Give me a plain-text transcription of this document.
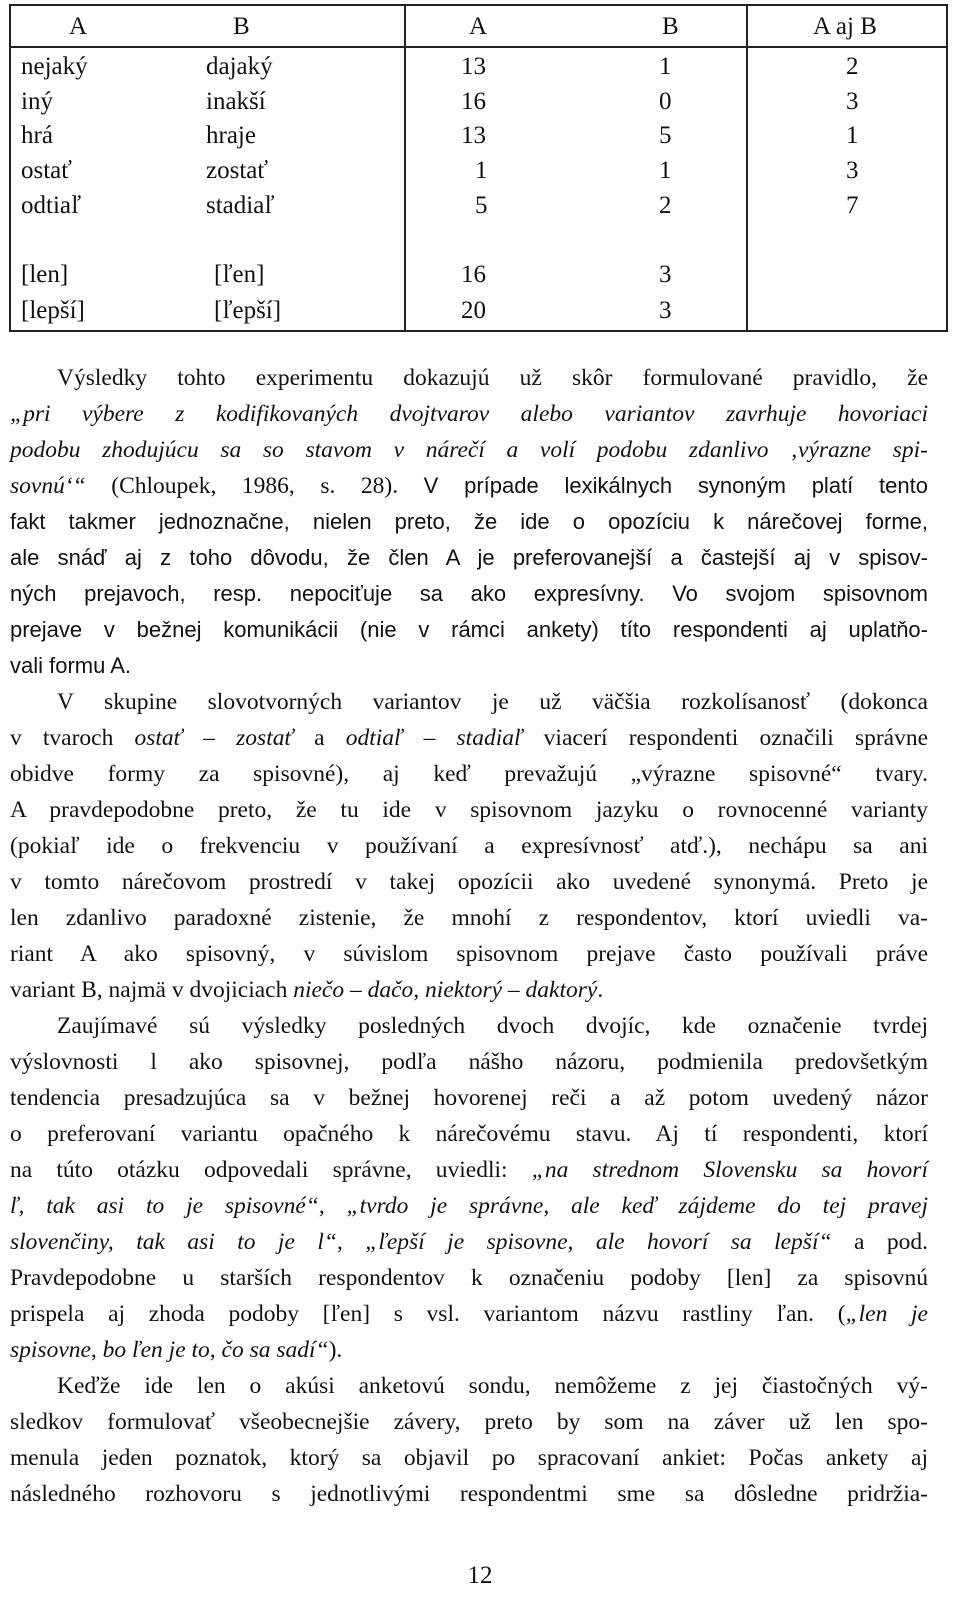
A	B	A	B	A aj B
nejaký	dajaký	13	1	2
iný	inakší	16	0	3
hrá	hraje	13	5	1
ostať	zostať	1	1	3
odtiaľ	stadiaľ	5	2	7
[len]	[ľen]	16	3
[lepší]	[ľepší]	20	3
Výsledky tohto experimentu dokazujú už skôr formulované pravidlo, že
„pri výbere z kodifikovaných dvojtvarov alebo variantov zavrhuje hovoriaci
podobu zhodujúcu sa so stavom v nárečí a volí podobu zdanlivo ‚výrazne spi-
sovnú‘“ (Chloupek, 1986, s. 28). V prípade lexikálnych synoným platí tento
fakt takmer jednoznačne, nielen preto, že ide o opozíciu k nárečovej forme,
ale snáď aj z toho dôvodu, že člen A je preferovanejší a častejší aj v spisov-
ných prejavoch, resp. nepociťuje sa ako expresívny. Vo svojom spisovnom
prejave v bežnej komunikácii (nie v rámci ankety) títo respondenti aj uplatňo-
vali formu A.
V skupine slovotvorných variantov je už väčšia rozkolísanosť (dokonca
v tvaroch ostať – zostať a odtiaľ – stadiaľ viacerí respondenti označili správne
obidve formy za spisovné), aj keď prevažujú „výrazne spisovné“ tvary.
A pravdepodobne preto, že tu ide v spisovnom jazyku o rovnocenné varianty
(pokiaľ ide o frekvenciu v používaní a expresívnosť atď.), nechápu sa ani
v tomto nárečovom prostredí v takej opozícii ako uvedené synonymá. Preto je
len zdanlivo paradoxné zistenie, že mnohí z respondentov, ktorí uviedli va-
riant A ako spisovný, v súvislom spisovnom prejave často používali práve
variant B, najmä v dvojiciach niečo – dačo, niektorý – daktorý.
Zaujímavé sú výsledky posledných dvoch dvojíc, kde označenie tvrdej
výslovnosti l ako spisovnej, podľa nášho názoru, podmienila predovšetkým
tendencia presadzujúca sa v bežnej hovorenej reči a až potom uvedený názor
o preferovaní variantu opačného k nárečovému stavu. Aj tí respondenti, ktorí
na túto otázku odpovedali správne, uviedli: „na strednom Slovensku sa hovorí
ľ, tak asi to je spisovné“, „tvrdo je správne, ale keď zájdeme do tej pravej
slovenčiny, tak asi to je l“, „ľepší je spisovne, ale hovorí sa lepší“ a pod.
Pravdepodobne u starších respondentov k označeniu podoby [len] za spisovnú
prispela aj zhoda podoby [ľen] s vsl. variantom názvu rastliny ľan. („len je
spisovne, bo ľen je to, čo sa sadí“).
Keďže ide len o akúsi anketovú sondu, nemôžeme z jej čiastočných vý-
sledkov formulovať všeobecnejšie závery, preto by som na záver už len spo-
menula jeden poznatok, ktorý sa objavil po spracovaní ankiet: Počas ankety aj
následného rozhovoru s jednotlivými respondentmi sme sa dôsledne pridržia-
12
